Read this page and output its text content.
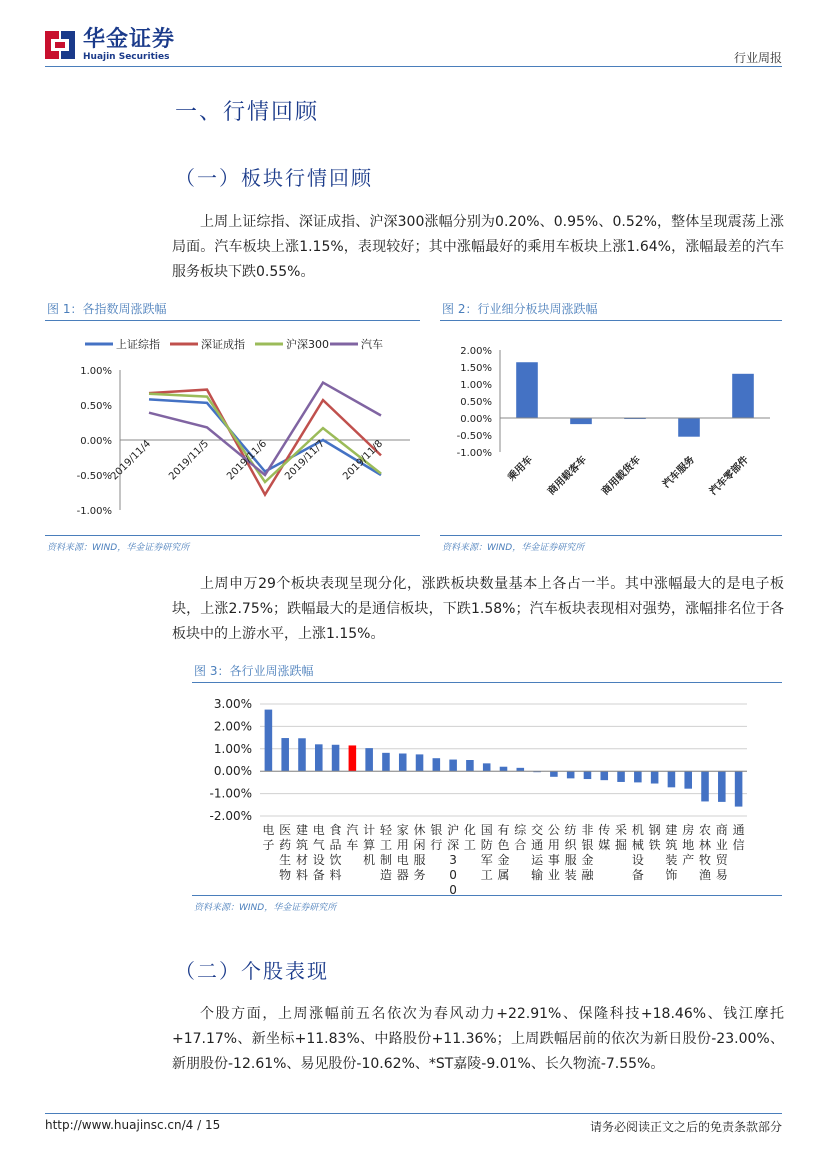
华金证券
Huajin Securities	行业周报
一、行情回顾
（一）板块行情回顾
上周上证综指、深证成指、沪深300涨幅分别为0.20%、0.95%、0.52%，整体呈现震荡上涨局面。汽车板块上涨1.15%，表现较好；其中涨幅最好的乘用车板块上涨1.64%，涨幅最差的汽车服务板块下跌0.55%。
图 1：各指数周涨跌幅
上证综指	深证成指	沪深300	汽车
1.00%
0.50%
0.00%
-0.50%
-1.00%
2019/11/4 2019/11/5 2019/11/6 2019/11/7 2019/11/8
资料来源：WIND，华金证券研究所
图 2：行业细分板块周涨跌幅
2.00%
1.50%
1.00%
0.50%
0.00%
-0.50%
-1.00%
乘用车 商用载客车 商用载货车 汽车服务 汽车零部件
资料来源：WIND，华金证券研究所
上周申万29个板块表现呈现分化，涨跌板块数量基本上各占一半。其中涨幅最大的是电子板块，上涨2.75%；跌幅最大的是通信板块，下跌1.58%；汽车板块表现相对强势，涨幅排名位于各板块中的上游水平，上涨1.15%。
图 3：各行业周涨跌幅
3.00%
2.00%
1.00%
0.00%
-1.00%
-2.00%
电子
医药生物
建筑材料
电气设备
食品饮料
汽车
计算机
轻工制造
家用电器
休闲服务
银行
沪深 3 0 0
化工
国防军工
有色金属
综合
交通运输
公用事业
纺织服装
非银金融
传媒
采掘
机械设备
钢铁
建筑装饰
房地产
农林牧渔
商业贸易
通信
资料来源：WIND，华金证券研究所
（二）个股表现
个股方面，上周涨幅前五名依次为春风动力+22.91%、保隆科技+18.46%、钱江摩托+17.17%、新坐标+11.83%、中路股份+11.36%；上周跌幅居前的依次为新日股份-23.00%、新朋股份-12.61%、易见股份-10.62%、*ST嘉陵-9.01%、长久物流-7.55%。
http://www.huajinsc.cn/4 / 15	请务必阅读正文之后的免责条款部分
